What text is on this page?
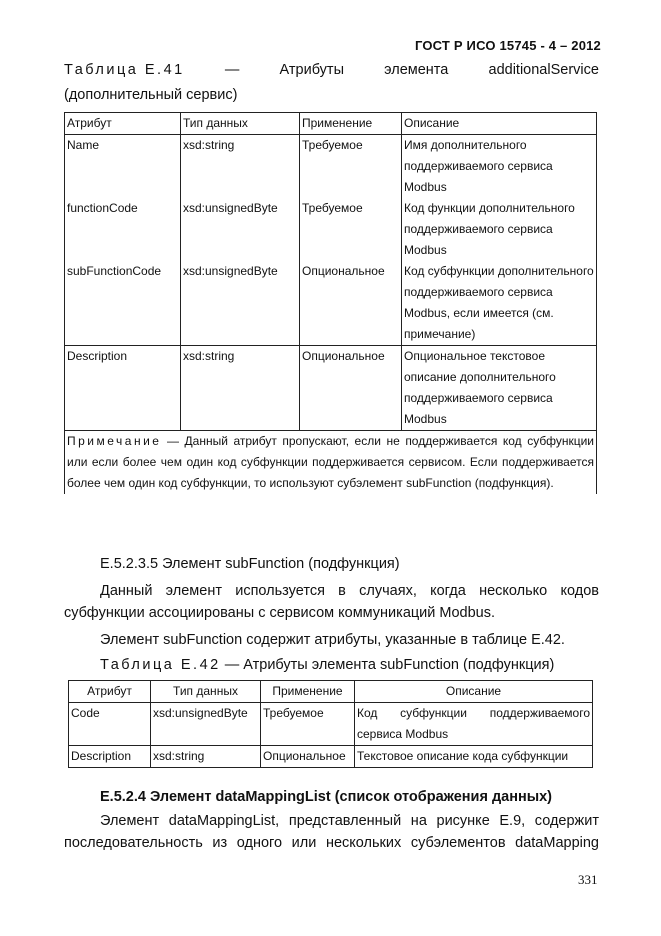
ГОСТ Р ИСО 15745 - 4 – 2012
Таблица Е.41	—	Атрибуты	элемента	additionalService
(дополнительный сервис)
Атрибут	Тип данных	Применение	Описание
Name	xsd:string	Требуемое	Имя дополнительного поддерживаемого сервиса Modbus
functionCode	xsd:unsignedByte	Требуемое	Код функции дополнительного поддерживаемого сервиса Modbus
subFunctionCode	xsd:unsignedByte	Опциональное	Код субфункции дополнительного поддерживаемого сервиса Modbus, если имеется (см. примечание)
Description	xsd:string	Опциональное	Опциональное текстовое описание дополнительного поддерживаемого сервиса Modbus
Примечание — Данный атрибут пропускают, если не поддерживается код субфункции или если более чем один код субфункции поддерживается сервисом. Если поддерживается более чем один код субфункции, то используют субэлемент subFunction (подфункция).			
Е.5.2.3.5 Элемент subFunction (подфункция)
Данный элемент используется в случаях, когда несколько кодов субфункции ассоциированы с сервисом коммуникаций Modbus.
Элемент subFunction содержит атрибуты, указанные в таблице Е.42.
Таблица Е.42 — Атрибуты элемента subFunction (подфункция)
Атрибут	Тип данных	Применение	Описание
Code	xsd:unsignedByte	Требуемое	Код субфункции поддерживаемого сервиса Modbus
Description	xsd:string	Опциональное	Текстовое описание кода субфункции
Е.5.2.4 Элемент dataMappingList (список отображения данных)
Элемент dataMappingList, представленный на рисунке Е.9, содержит последовательность из одного или нескольких субэлементов dataMapping
331
